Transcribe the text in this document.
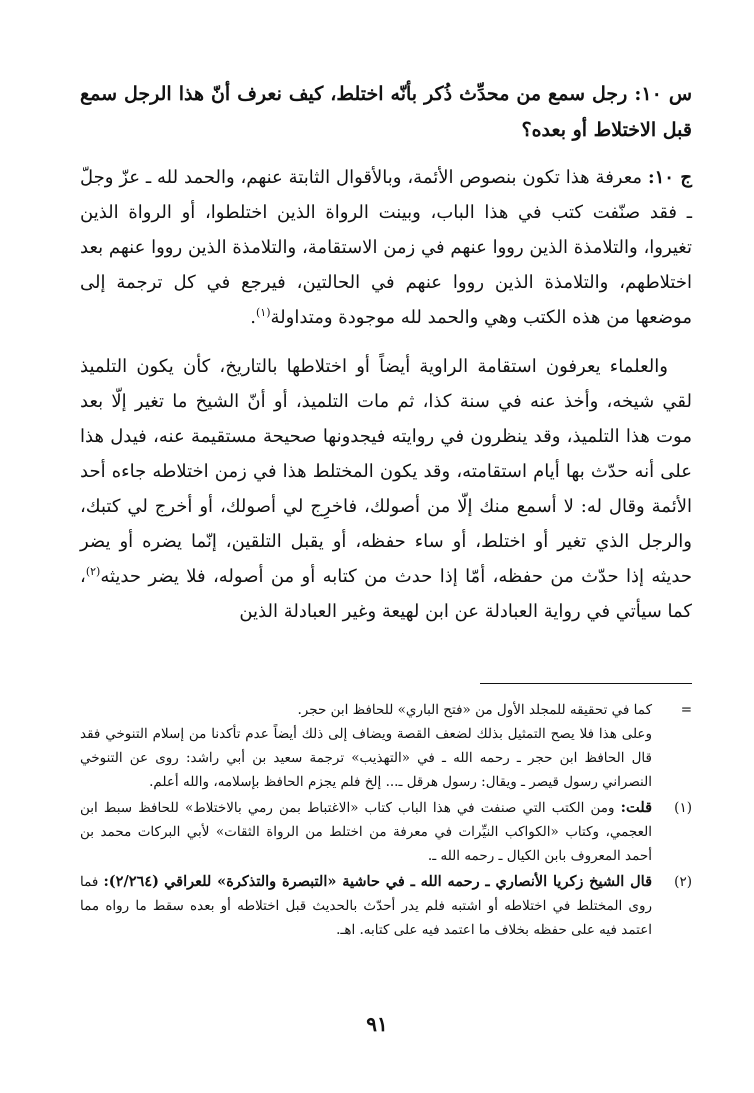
س ١٠: رجل سمع من محدِّث ذُكر بأنّه اختلط، كيف نعرف أنّ هذا الرجل سمع قبل الاختلاط أو بعده؟

ج ١٠: معرفة هذا تكون بنصوص الأئمة، وبالأقوال الثابتة عنهم، والحمد لله ـ عزّ وجلّ ـ فقد صنّفت كتب في هذا الباب، وبينت الرواة الذين اختلطوا، أو الرواة الذين تغيروا، والتلامذة الذين رووا عنهم في زمن الاستقامة، والتلامذة الذين رووا عنهم بعد اختلاطهم، والتلامذة الذين رووا عنهم في الحالتين، فيرجع في كل ترجمة إلى موضعها من هذه الكتب وهي والحمد لله موجودة ومتداولة$^{(١)}$.

والعلماء يعرفون استقامة الراوية أيضاً أو اختلاطها بالتاريخ، كأن يكون التلميذ لقي شيخه، وأخذ عنه في سنة كذا، ثم مات التلميذ، أو أنّ الشيخ ما تغير إلّا بعد موت هذا التلميذ، وقد ينظرون في روايته فيجدونها صحيحة مستقيمة عنه، فيدل هذا على أنه حدّث بها أيام استقامته، وقد يكون المختلط هذا في زمن اختلاطه جاءه أحد الأئمة وقال له: لا أسمع منك إلّا من أصولك، فاخرِج لي أصولك، أو أخرج لي كتبك، والرجل الذي تغير أو اختلط، أو ساء حفظه، أو يقبل التلقين، إنّما يضره أو يضر حديثه إذا حدّث من حفظه، أمّا إذا حدث من كتابه أو من أصوله، فلا يضر حديثه$^{(٢)}$، كما سيأتي في رواية العبادلة عن ابن لهيعة وغير العبادلة الذين

=
كما في تحقيقه للمجلد الأول من «فتح الباري» للحافظ ابن حجر.
وعلى هذا فلا يصح التمثيل بذلك لضعف القصة ويضاف إلى ذلك أيضاً عدم تأكدنا من إسلام التنوخي فقد قال الحافظ ابن حجر ـ رحمه الله ـ في «التهذيب» ترجمة سعيد بن أبي راشد: روى عن التنوخي النصراني رسول قيصر ـ ويقال: رسول هرقل ـ... إلخ فلم يجزم الحافظ بإسلامه، والله أعلم.
(١)
قلت: ومن الكتب التي صنفت في هذا الباب كتاب «الاغتباط بمن رمي بالاختلاط» للحافظ سبط ابن العجمي، وكتاب «الكواكب النيِّرات في معرفة من اختلط من الرواة الثقات» لأبي البركات محمد بن أحمد المعروف بابن الكيال ـ رحمه الله ـ.
(٢)
قال الشيخ زكريا الأنصاري ـ رحمه الله ـ في حاشية «التبصرة والتذكرة» للعراقي (٢/٢٦٤): فما روى المختلط في اختلاطه أو اشتبه فلم يدر أحدّث بالحديث قبل اختلاطه أو بعده سقط ما رواه مما اعتمد فيه على حفظه بخلاف ما اعتمد فيه على كتابه. اهـ.
٩١
